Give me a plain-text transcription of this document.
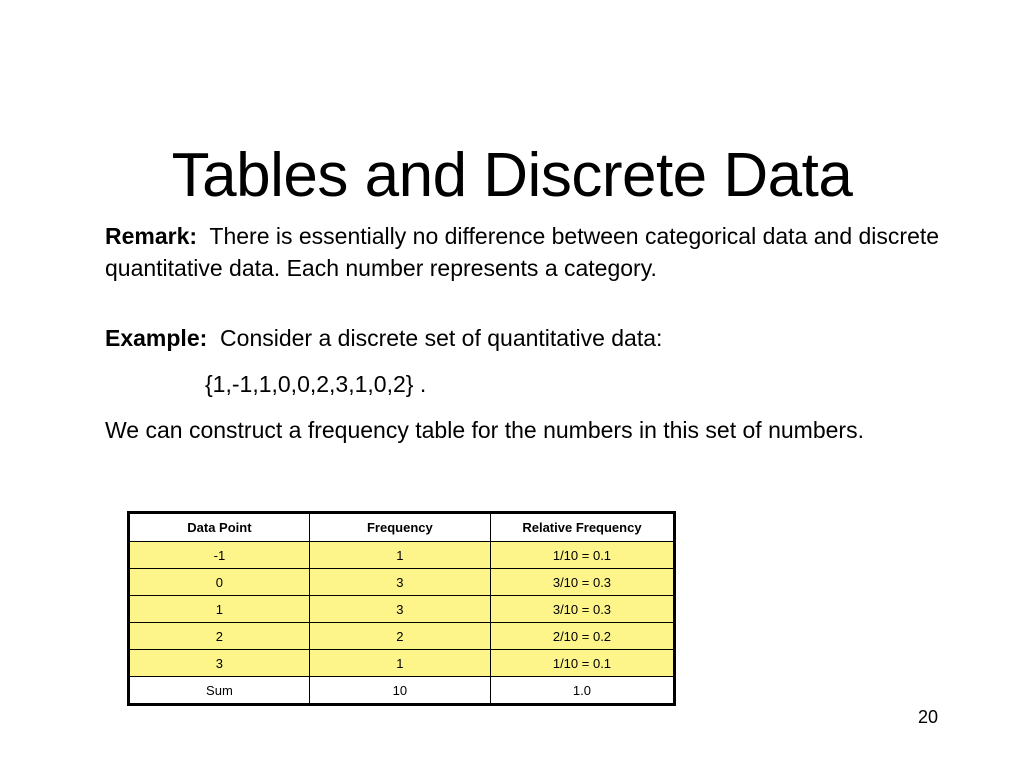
Tables and Discrete Data
Remark: There is essentially no difference between categorical data and discrete quantitative data. Each number represents a category.
Example: Consider a discrete set of quantitative data:
{1,-1,1,0,0,2,3,1,0,2} .
We can construct a frequency table for the numbers in this set of numbers.
Data Point	Frequency	Relative Frequency
-1	1	1/10 = 0.1
0	3	3/10 = 0.3
1	3	3/10 = 0.3
2	2	2/10 = 0.2
3	1	1/10 = 0.1
Sum	10	1.0
20
